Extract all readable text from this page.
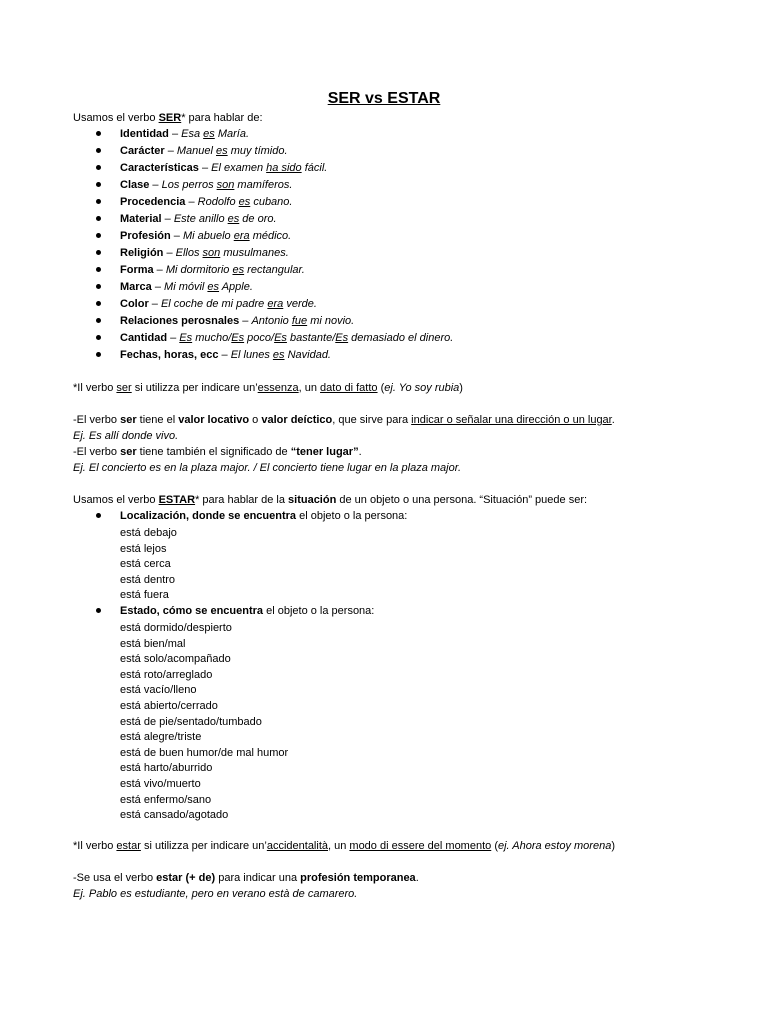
SER vs ESTAR
Usamos el verbo SER* para hablar de:
Identidad – Esa es María.
Carácter – Manuel es muy tímido.
Características – El examen ha sido fácil.
Clase – Los perros son mamíferos.
Procedencia – Rodolfo es cubano.
Material – Este anillo es de oro.
Profesión – Mi abuelo era médico.
Religión – Ellos son musulmanes.
Forma – Mi dormitorio es rectangular.
Marca – Mi móvil es Apple.
Color – El coche de mi padre era verde.
Relaciones perosnales – Antonio fue mi novio.
Cantidad – Es mucho/Es poco/Es bastante/Es demasiado el dinero.
Fechas, horas, ecc – El lunes es Navidad.
*Il verbo ser si utilizza per indicare un’essenza, un dato di fatto (ej. Yo soy rubia)
-El verbo ser tiene el valor locativo o valor deíctico, que sirve para indicar o señalar una dirección o un lugar.
Ej. Es allí donde vivo.
-El verbo ser tiene también el significado de “tener lugar”.
Ej. El concierto es en la plaza major. / El concierto tiene lugar en la plaza major.
Usamos el verbo ESTAR* para hablar de la situación de un objeto o una persona. “Situación” puede ser:
Localización, donde se encuentra el objeto o la persona:
está debajo
está lejos
está cerca
está dentro
está fuera
Estado, cómo se encuentra el objeto o la persona:
está dormido/despierto
está bien/mal
está solo/acompañado
está roto/arreglado
está vacío/lleno
está abierto/cerrado
está de pie/sentado/tumbado
está alegre/triste
está de buen humor/de mal humor
está harto/aburrido
está vivo/muerto
está enfermo/sano
está cansado/agotado
*Il verbo estar si utilizza per indicare un’accidentalità, un modo di essere del momento (ej. Ahora estoy morena)
-Se usa el verbo estar (+ de) para indicar una profesión temporanea.
Ej. Pablo es estudiante, pero en verano està de camarero.
